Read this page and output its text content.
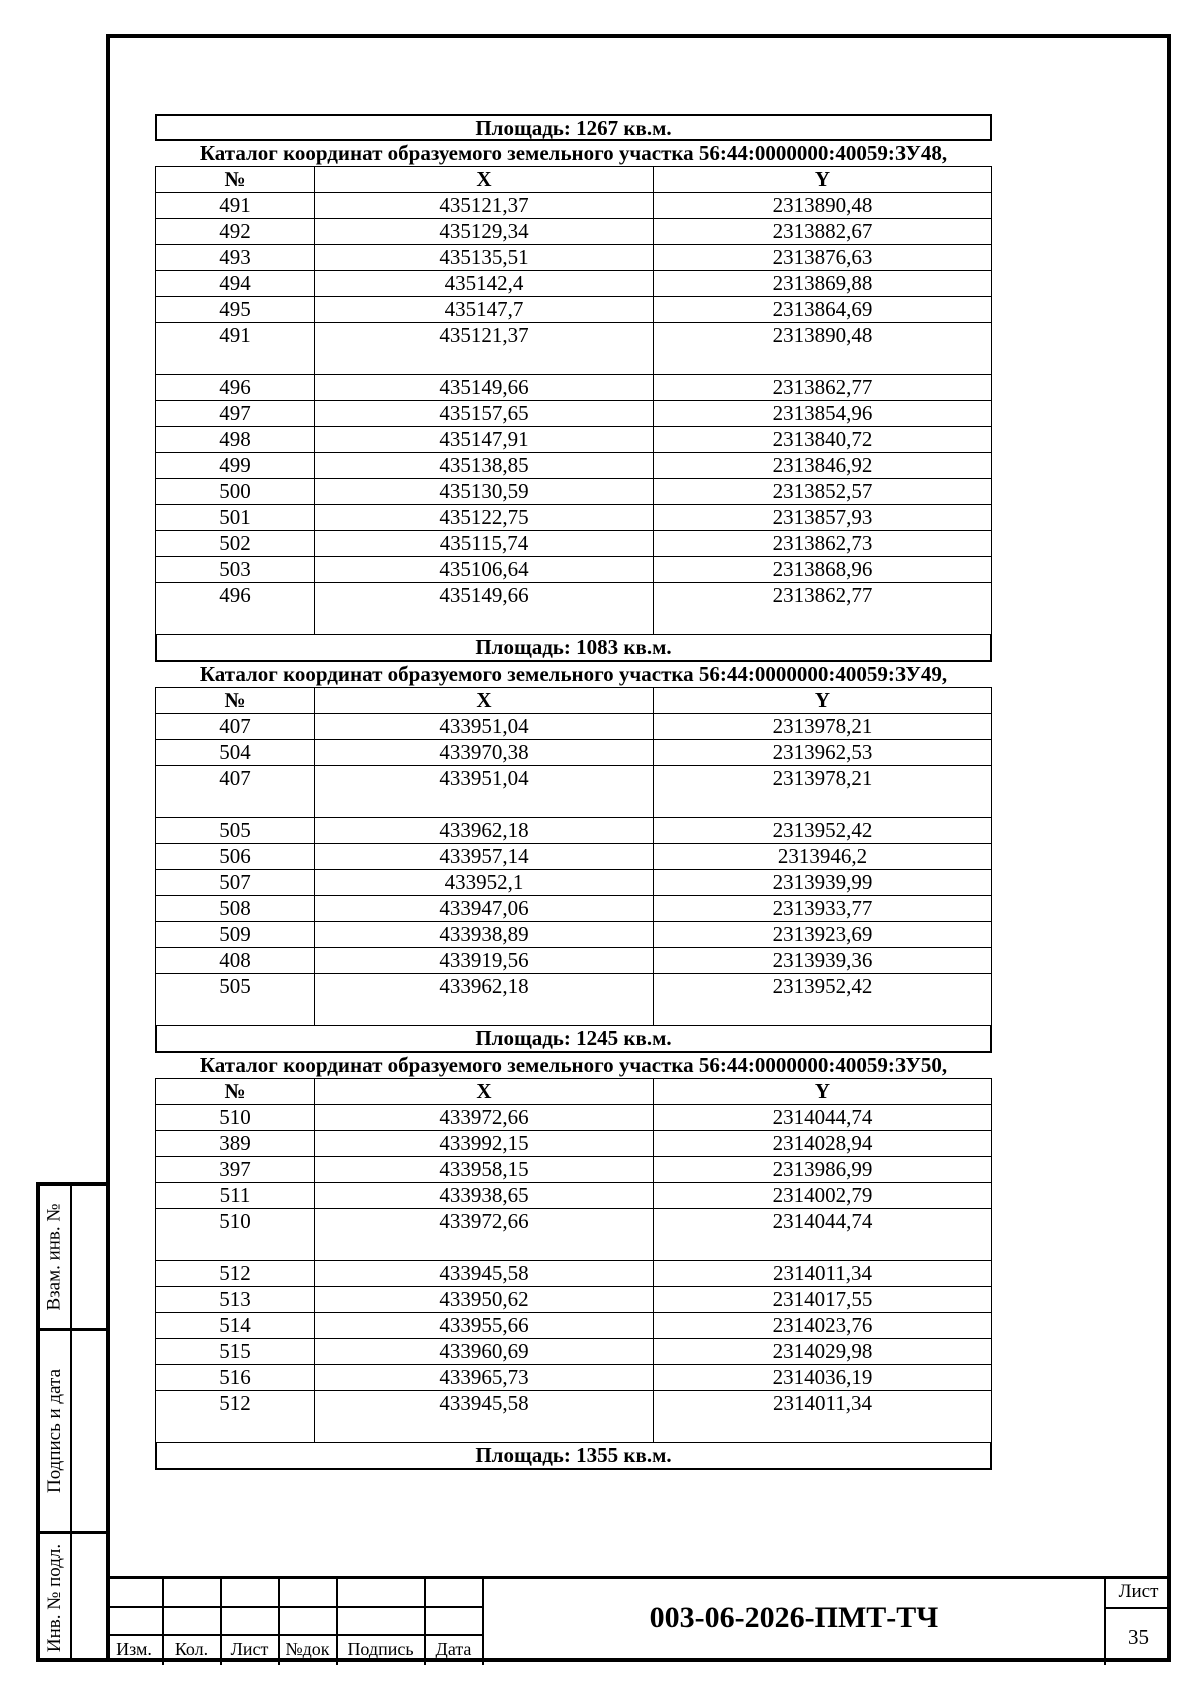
Взам. инв. №
Подпись и дата
Инв. № подл.
Площадь: 1267 кв.м.
Каталог координат образуемого земельного участка 56:44:0000000:40059:ЗУ48,
№	X	Y
491	435121,37	2313890,48
492	435129,34	2313882,67
493	435135,51	2313876,63
494	435142,4	2313869,88
495	435147,7	2313864,69
491	435121,37	2313890,48
496	435149,66	2313862,77
497	435157,65	2313854,96
498	435147,91	2313840,72
499	435138,85	2313846,92
500	435130,59	2313852,57
501	435122,75	2313857,93
502	435115,74	2313862,73
503	435106,64	2313868,96
496	435149,66	2313862,77
Площадь: 1083 кв.м.
Каталог координат образуемого земельного участка 56:44:0000000:40059:ЗУ49,
№	X	Y
407	433951,04	2313978,21
504	433970,38	2313962,53
407	433951,04	2313978,21
505	433962,18	2313952,42
506	433957,14	2313946,2
507	433952,1	2313939,99
508	433947,06	2313933,77
509	433938,89	2313923,69
408	433919,56	2313939,36
505	433962,18	2313952,42
Площадь: 1245 кв.м.
Каталог координат образуемого земельного участка 56:44:0000000:40059:ЗУ50,
№	X	Y
510	433972,66	2314044,74
389	433992,15	2314028,94
397	433958,15	2313986,99
511	433938,65	2314002,79
510	433972,66	2314044,74
512	433945,58	2314011,34
513	433950,62	2314017,55
514	433955,66	2314023,76
515	433960,69	2314029,98
516	433965,73	2314036,19
512	433945,58	2314011,34
Площадь: 1355 кв.м.
Изм.	Кол.	Лист №док Подпись	Дата
003-06-2026-ПМТ-ТЧ
Лист
35
